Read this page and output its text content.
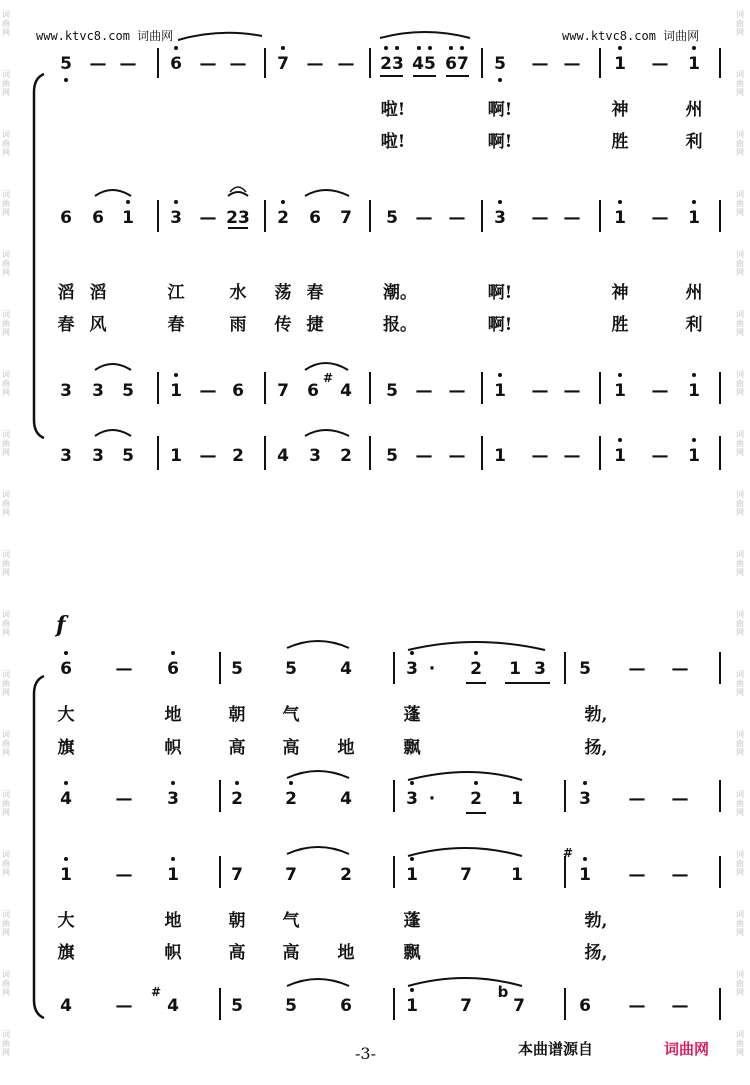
词曲网
词曲网
词曲网
词曲网
词曲网
词曲网
词曲网
词曲网
词曲网
词曲网
词曲网
词曲网
词曲网
词曲网
词曲网
词曲网
词曲网
词曲网
词曲网
词曲网
词曲网
词曲网
词曲网
词曲网
词曲网
词曲网
词曲网
词曲网
词曲网
词曲网
词曲网
词曲网
词曲网
词曲网
词曲网
词曲网
www.ktvc8.com 词曲网	www.ktvc8.com 词曲网
5 — — 6 — — 7 — — 23 45 67 5 — — 1 — 1
啦!	啊!	神	州
啦!	啊!	胜	利
6 6 1 3 — 23 2 6 7 5 — — 3 — — 1 — 1
滔 滔	江	水 荡 春	潮。	啊!	神	州
春 风	春	雨 传 捷	报。	啊!	胜	利
3 3 5 1 — 6 7 6
#
4 5 — — 1 — — 1 — 1
3 3 5 1 — 2 4 3 2 5 — — 1 — — 1 — 1
f
6	— 6	5 5	4	3 · 2 1 3 5 — —
大	地	朝 气	蓬	勃,
旗	帜	高 高 地	飘	扬,
4	— 3	2 2	4	3 · 2 1	3 — —
1	— 1	7 7	2	1 7 1
#
1 — —
大	地	朝 气	蓬	勃,
旗	帜	高 高 地	飘	扬,
4	—
#
4	5 5	6	1 7
b
7	6 — —
-3-	本曲谱源自	词曲网
